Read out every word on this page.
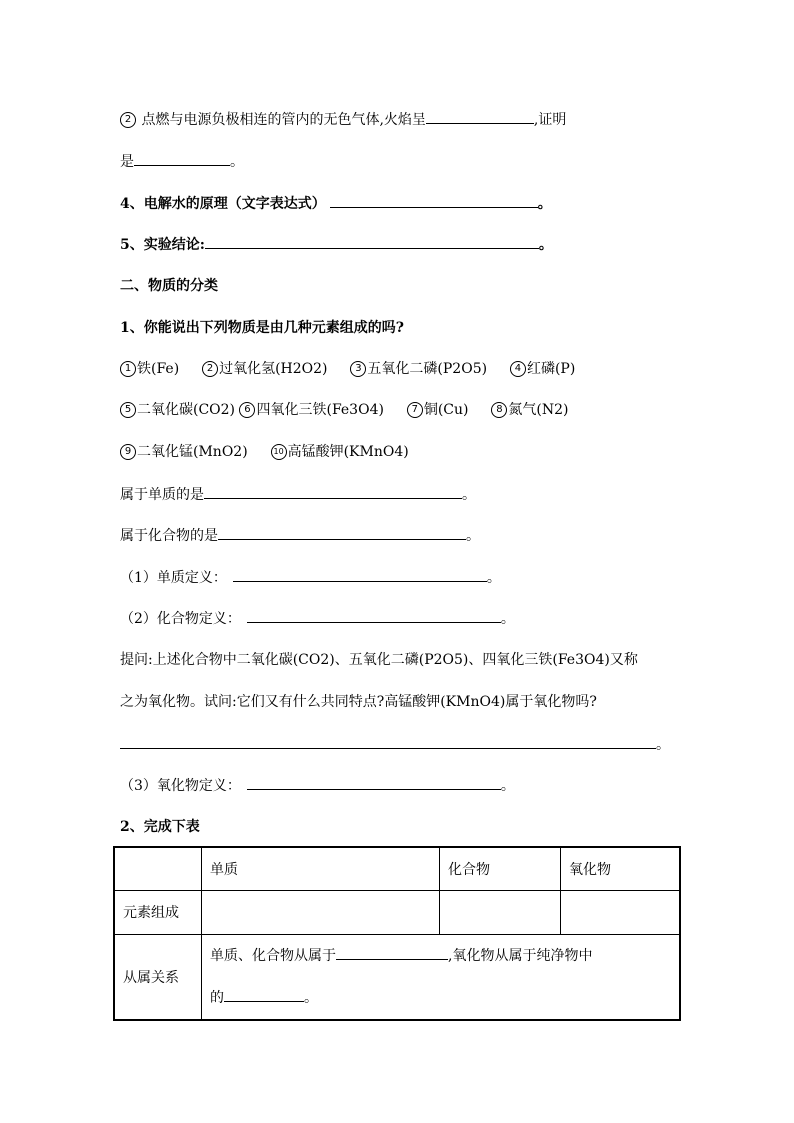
2 点燃与电源负极相连的管内的无色气体,火焰呈	,证明
是	。
4、电解水的原理（文字表达式）	。
5、实验结论:	。
二、物质的分类
1、你能说出下列物质是由几种元素组成的吗?
1 铁(Fe)	2 过氧化氢(H2O2)	3 五氧化二磷(P2O5)	4 红磷(P)
5 二氧化碳(CO2) 6 四氧化三铁(Fe3O4)	7 铜(Cu)	8 氮气(N2)
9 二氧化锰(MnO2)	10 高锰酸钾(KMnO4)
属于单质的是	。
属于化合物的是	。
（1）单质定义：	。
（2）化合物定义：	。
提问:上述化合物中二氧化碳(CO2)、五氧化二磷(P2O5)、四氧化三铁(Fe3O4)又称
之为氧化物。试问:它们又有什么共同特点?高锰酸钾(KMnO4)属于氧化物吗?
。
（3）氧化物定义：	。
2、完成下表
	单质	化合物	氧化物
元素组成			
从属关系	单质、化合物从属于 ,氧化物从属于纯净物中
的 。		
